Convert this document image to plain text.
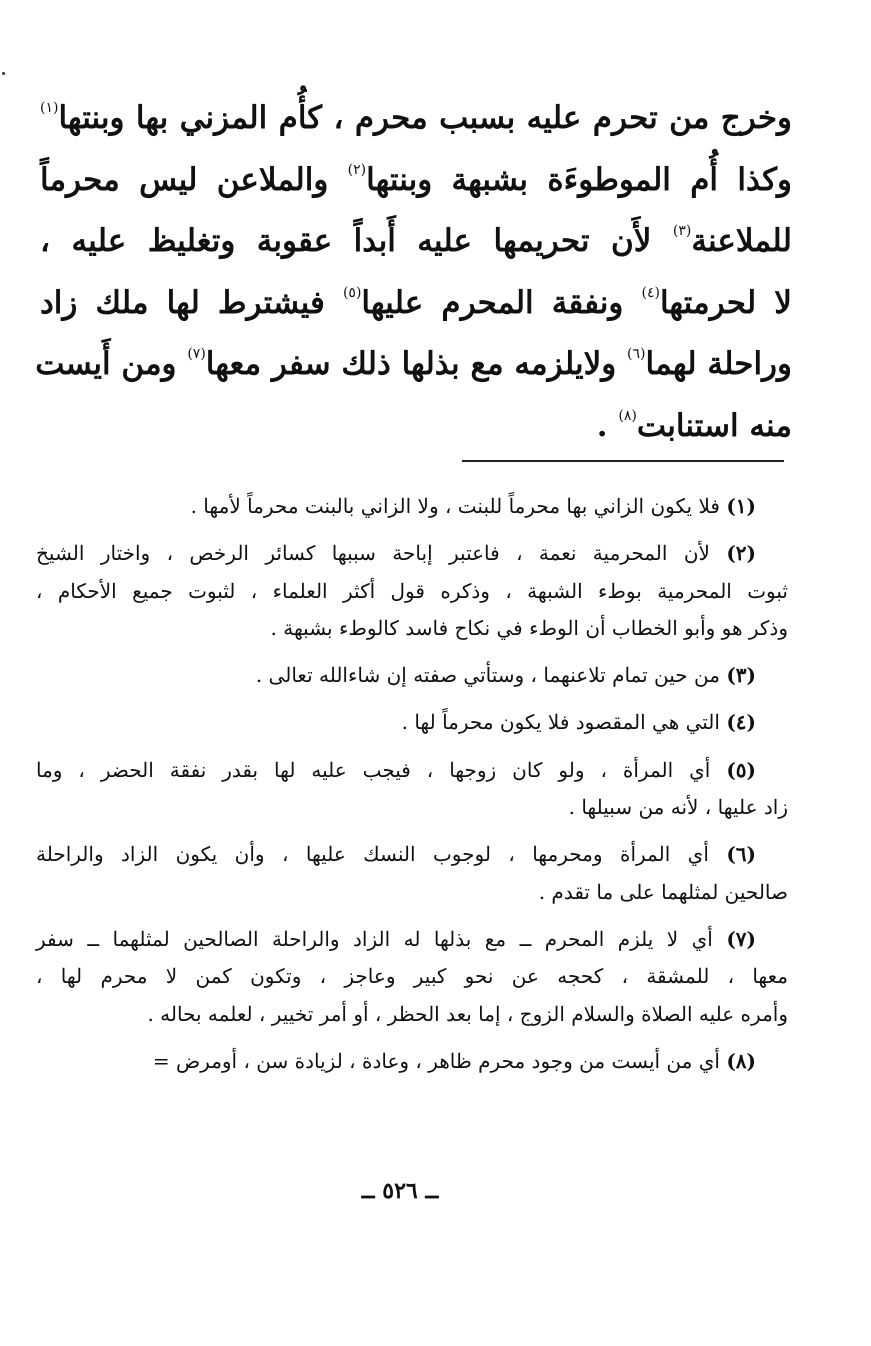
وخرج من تحرم عليه بسبب محرم ، كأُم المزني بها وبنتها$^{(١)}$
وكذا أُم الموطوءَة بشبهة وبنتها$^{(٢)}$ والملاعن ليس محرماً
للملاعنة$^{(٣)}$ لأَن تحريمها عليه أَبداً عقوبة وتغليظ عليه ،
لا لحرمتها$^{(٤)}$ ونفقة المحرم عليها$^{(٥)}$ فيشترط لها ملك زاد
وراحلة لهما$^{(٦)}$ ولايلزمه مع بذلها ذلك سفر معها$^{(٧)}$ ومن أَيست
منه استنابت$^{(٨)}$ .
(١) فلا يكون الزاني بها محرماً للبنت ، ولا الزاني بالبنت محرماً لأمها .
(٢) لأن المحرمية نعمة ، فاعتبر إباحة سببها كسائر الرخص ، واختار الشيخ
ثبوت المحرمية بوطء الشبهة ، وذكره قول أكثر العلماء ، لثبوت جميع الأحكام ،
وذكر هو وأبو الخطاب أن الوطء في نكاح فاسد كالوطء بشبهة .
(٣) من حين تمام تلاعنهما ، وستأتي صفته إن شاءالله تعالى .
(٤) التي هي المقصود فلا يكون محرماً لها .
(٥) أي المرأة ، ولو كان زوجها ، فيجب عليه لها بقدر نفقة الحضر ، وما
زاد عليها ، لأنه من سبيلها .
(٦) أي المرأة ومحرمها ، لوجوب النسك عليها ، وأن يكون الزاد والراحلة
صالحين لمثلهما على ما تقدم .
(٧) أي لا يلزم المحرم ــ مع بذلها له الزاد والراحلة الصالحين لمثلهما ــ سفر
معها ، للمشقة ، كحجه عن نحو كبير وعاجز ، وتكون كمن لا محرم لها ،
وأمره عليه الصلاة والسلام الزوج ، إما بعد الحظر ، أو أمر تخيير ، لعلمه بحاله .
(٨) أي من أيست من وجود محرم ظاهر ، وعادة ، لزيادة سن ، أومرض =
ــ ٥٢٦ ــ
